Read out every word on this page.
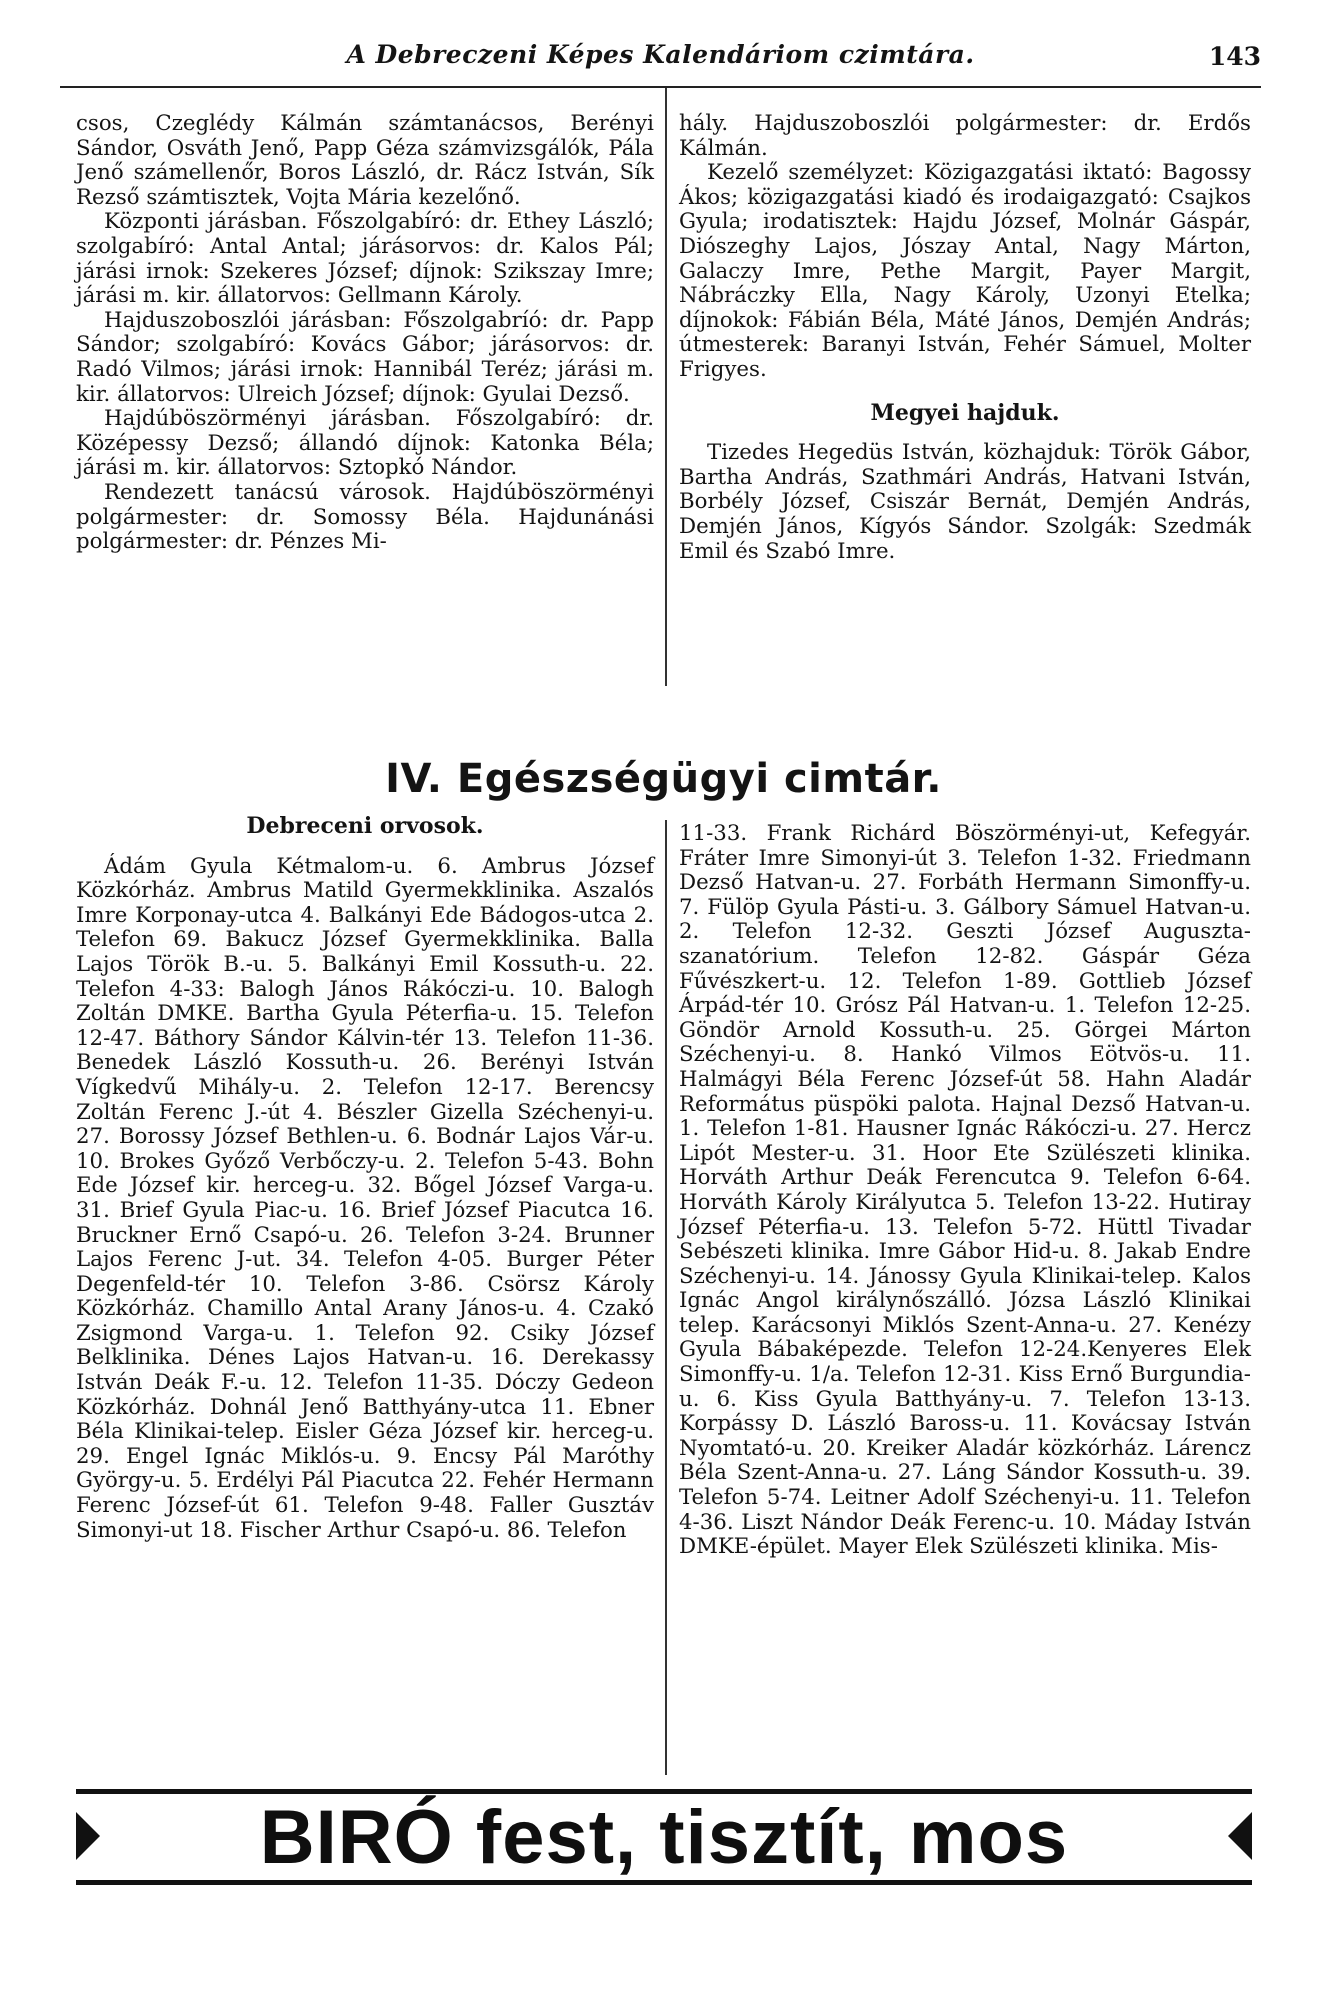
A Debreczeni Képes Kalendáriom czimtára.	143

csos, Czeglédy Kálmán számtanácsos, Berényi Sándor, Osváth Jenő, Papp Géza számvizsgálók, Pála Jenő számellenőr, Boros László, dr. Rácz István, Sík Rezső számtisztek, Vojta Mária kezelőnő.

Központi járásban. Főszolgabíró: dr. Ethey László; szolgabíró: Antal Antal; járásorvos: dr. Kalos Pál; járási irnok: Szekeres József; díjnok: Szikszay Imre; járási m. kir. állatorvos: Gellmann Károly.

Hajduszoboszlói járásban: Főszolgabríó: dr. Papp Sándor; szolgabíró: Kovács Gábor; járásorvos: dr. Radó Vilmos; járási irnok: Hannibál Teréz; járási m. kir. állatorvos: Ulreich József; díjnok: Gyulai Dezső.

Hajdúböszörményi járásban. Főszolgabíró: dr. Középessy Dezső; állandó díjnok: Katonka Béla; járási m. kir. állatorvos: Sztopkó Nándor.

Rendezett tanácsú városok. Hajdúböszörményi polgármester: dr. Somossy Béla. Hajdunánási polgármester: dr. Pénzes Mi-

hály. Hajduszoboszlói polgármester: dr. Erdős Kálmán.

Kezelő személyzet: Közigazgatási iktató: Bagossy Ákos; közigazgatási kiadó és irodaigazgató: Csajkos Gyula; irodatisztek: Hajdu József, Molnár Gáspár, Diószeghy Lajos, Jószay Antal, Nagy Márton, Galaczy Imre, Pethe Margit, Payer Margit, Nábráczky Ella, Nagy Károly, Uzonyi Etelka; díjnokok: Fábián Béla, Máté János, Demjén András; útmesterek: Baranyi István, Fehér Sámuel, Molter Frigyes.

Megyei hajduk.

Tizedes Hegedüs István, közhajduk: Török Gábor, Bartha András, Szathmári András, Hatvani István, Borbély József, Csiszár Bernát, Demjén András, Demjén János, Kígyós Sándor. Szolgák: Szedmák Emil és Szabó Imre.

IV. Egészségügyi cimtár.
Debreceni orvosok.

Ádám Gyula Kétmalom-u. 6. Ambrus József Közkórház. Ambrus Matild Gyermekklinika. Aszalós Imre Korponay-utca 4. Balkányi Ede Bádogos-utca 2. Telefon 69. Bakucz József Gyermekklinika. Balla Lajos Török B.-u. 5. Balkányi Emil Kossuth-u. 22. Telefon 4-33: Balogh János Rákóczi-u. 10. Balogh Zoltán DMKE. Bartha Gyula Péterfia-u. 15. Telefon 12-47. Báthory Sándor Kálvin-tér 13. Telefon 11-36. Benedek László Kossuth-u. 26. Berényi István Vígkedvű Mihály-u. 2. Telefon 12-17. Berencsy Zoltán Ferenc J.-út 4. Bészler Gizella Széchenyi-u. 27. Borossy József Bethlen-u. 6. Bodnár Lajos Vár-u. 10. Brokes Győző Verbőczy-u. 2. Telefon 5-43. Bohn Ede József kir. herceg-u. 32. Bőgel József Varga-u. 31. Brief Gyula Piac-u. 16. Brief József Piacutca 16. Bruckner Ernő Csapó-u. 26. Telefon 3-24. Brunner Lajos Ferenc J-ut. 34. Telefon 4-05. Burger Péter Degenfeld-tér 10. Telefon 3-86. Csörsz Károly Közkórház. Chamillo Antal Arany János-u. 4. Czakó Zsigmond Varga-u. 1. Telefon 92. Csiky József Belklinika. Dénes Lajos Hatvan-u. 16. Derekassy István Deák F.-u. 12. Telefon 11-35. Dóczy Gedeon Közkórház. Dohnál Jenő Batthyány-utca 11. Ebner Béla Klinikai-telep. Eisler Géza József kir. herceg-u. 29. Engel Ignác Miklós-u. 9. Encsy Pál Maróthy György-u. 5. Erdélyi Pál Piacutca 22. Fehér Hermann Ferenc József-út 61. Telefon 9-48. Faller Gusztáv Simonyi-ut 18. Fischer Arthur Csapó-u. 86. Telefon

11-33. Frank Richárd Böszörményi-ut, Kefegyár. Fráter Imre Simonyi-út 3. Telefon 1-32. Friedmann Dezső Hatvan-u. 27. Forbáth Hermann Simonffy-u. 7. Fülöp Gyula Pásti-u. 3. Gálbory Sámuel Hatvan-u. 2. Telefon 12-32. Geszti József Auguszta-szanatórium. Telefon 12-82. Gáspár Géza Fűvészkert-u. 12. Telefon 1-89. Gottlieb József Árpád-tér 10. Grósz Pál Hatvan-u. 1. Telefon 12-25. Göndör Arnold Kossuth-u. 25. Görgei Márton Széchenyi-u. 8. Hankó Vilmos Eötvös-u. 11. Halmágyi Béla Ferenc József-út 58. Hahn Aladár Református püspöki palota. Hajnal Dezső Hatvan-u. 1. Telefon 1-81. Hausner Ignác Rákóczi-u. 27. Hercz Lipót Mester-u. 31. Hoor Ete Szülészeti klinika. Horváth Arthur Deák Ferencutca 9. Telefon 6-64. Horváth Károly Királyutca 5. Telefon 13-22. Hutiray József Péterfia-u. 13. Telefon 5-72. Hüttl Tivadar Sebészeti klinika. Imre Gábor Hid-u. 8. Jakab Endre Széchenyi-u. 14. Jánossy Gyula Klinikai-telep. Kalos Ignác Angol királynőszálló. Józsa László Klinikai telep. Karácsonyi Miklós Szent-Anna-u. 27. Kenézy Gyula Bábaképezde. Telefon 12-24.Kenyeres Elek Simonffy-u. 1/a. Telefon 12-31. Kiss Ernő Burgundia-u. 6. Kiss Gyula Batthyány-u. 7. Telefon 13-13. Korpássy D. László Baross-u. 11. Kovácsay István Nyomtató-u. 20. Kreiker Aladár közkórház. Lárencz Béla Szent-Anna-u. 27. Láng Sándor Kossuth-u. 39. Telefon 5-74. Leitner Adolf Széchenyi-u. 11. Telefon 4-36. Liszt Nándor Deák Ferenc-u. 10. Máday István DMKE-épület. Mayer Elek Szülészeti klinika. Mis-

BIRÓ fest, tisztít, mos
